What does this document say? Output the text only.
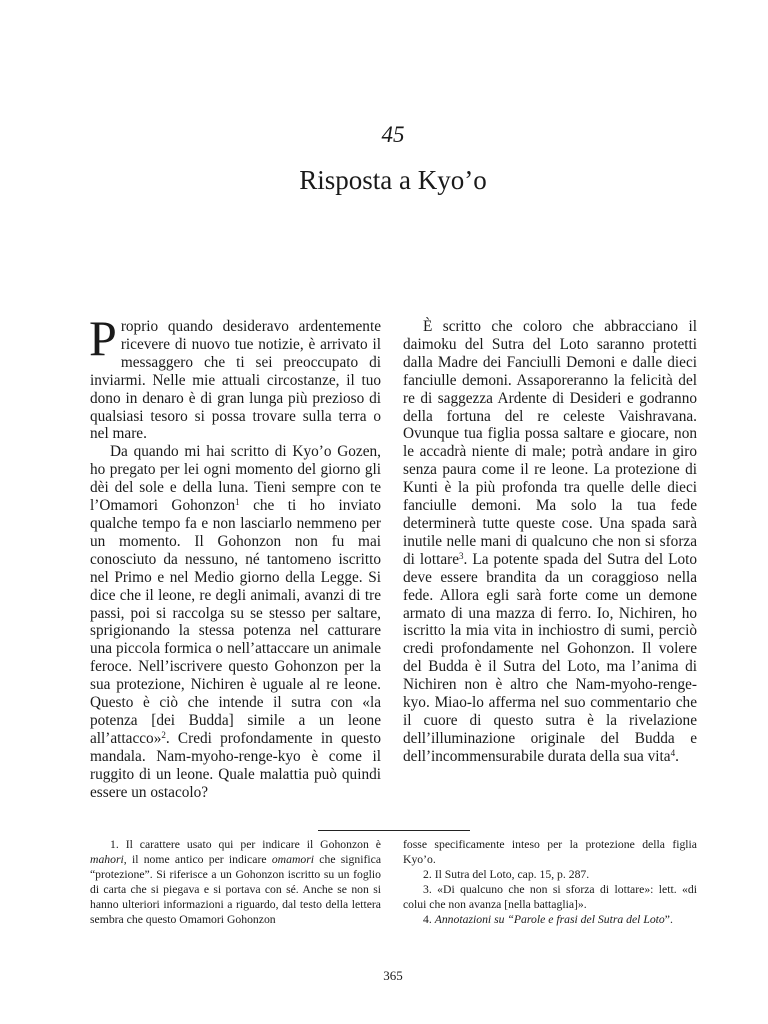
45
Risposta a Kyo’o

Proprio quando desideravo ardentemente ricevere di nuovo tue notizie, è arrivato il messaggero che ti sei preoccupato di inviarmi. Nelle mie attuali circostanze, il tuo dono in denaro è di gran lunga più prezioso di qualsiasi tesoro si possa trovare sulla terra o nel mare.

Da quando mi hai scritto di Kyo’o Gozen, ho pregato per lei ogni momento del giorno gli dèi del sole e della luna. Tieni sempre con te l’Omamori Gohonzon$^1$ che ti ho inviato qualche tempo fa e non lasciarlo nemmeno per un momento. Il Gohonzon non fu mai conosciuto da nessuno, né tantomeno iscritto nel Primo e nel Medio giorno della Legge. Si dice che il leone, re degli animali, avanzi di tre passi, poi si raccolga su se stesso per saltare, sprigionando la stessa potenza nel catturare una piccola formica o nell’attaccare un animale feroce. Nell’iscrivere questo Gohonzon per la sua protezione, Nichiren è uguale al re leone. Questo è ciò che intende il sutra con «la potenza [dei Budda] simile a un leone all’attacco»$^2$. Credi profondamente in questo mandala. Nam-myoho-renge-kyo è come il ruggito di un leone. Quale malattia può quindi essere un ostacolo?

È scritto che coloro che abbracciano il daimoku del Sutra del Loto saranno protetti dalla Madre dei Fanciulli Demoni e dalle dieci fanciulle demoni. Assaporeranno la felicità del re di saggezza Ardente di Desideri e godranno della fortuna del re celeste Vaishravana. Ovunque tua figlia possa saltare e giocare, non le accadrà niente di male; potrà andare in giro senza paura come il re leone. La protezione di Kunti è la più profonda tra quelle delle dieci fanciulle demoni. Ma solo la tua fede determinerà tutte queste cose. Una spada sarà inutile nelle mani di qualcuno che non si sforza di lottare$^3$. La potente spada del Sutra del Loto deve essere brandita da un coraggioso nella fede. Allora egli sarà forte come un demone armato di una mazza di ferro. Io, Nichiren, ho iscritto la mia vita in inchiostro di sumi, perciò credi profondamente nel Gohonzon. Il volere del Budda è il Sutra del Loto, ma l’anima di Nichiren non è altro che Nam-myoho-renge-kyo. Miao-lo afferma nel suo commentario che il cuore di questo sutra è la rivelazione dell’illuminazione originale del Budda e dell’incommensurabile durata della sua vita$^4$.

1. Il carattere usato qui per indicare il Gohonzon è mahori, il nome antico per indicare omamori che significa “protezione”. Si riferisce a un Gohonzon iscritto su un foglio di carta che si piegava e si portava con sé. Anche se non si hanno ulteriori informazioni a riguardo, dal testo della lettera sembra che questo Omamori Gohonzon

fosse specificamente inteso per la protezione della figlia Kyo’o.

2. Il Sutra del Loto, cap. 15, p. 287.

3. «Di qualcuno che non si sforza di lottare»: lett. «di colui che non avanza [nella battaglia]».

4. Annotazioni su “Parole e frasi del Sutra del Loto”.

365
